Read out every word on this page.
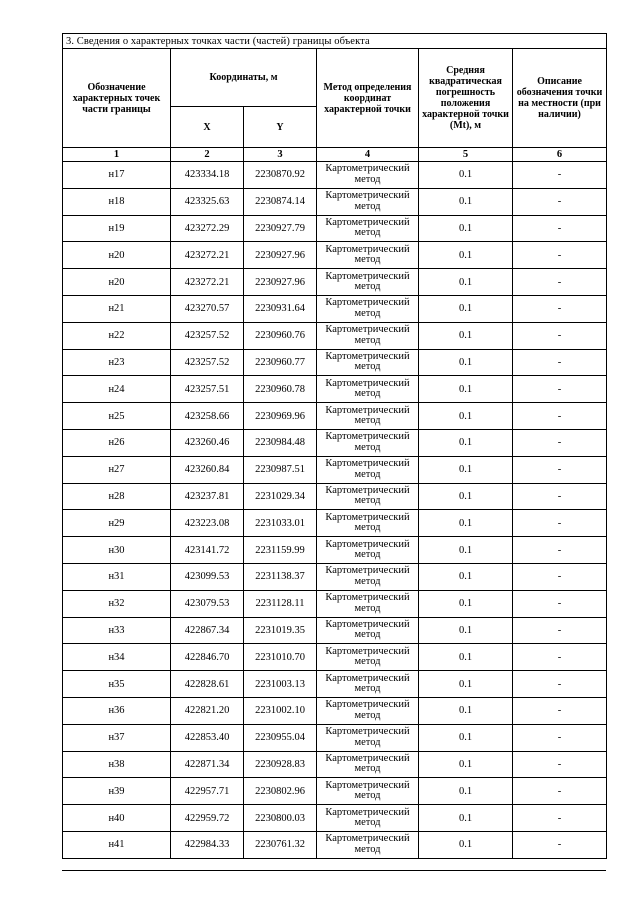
3. Сведения о характерных точках части (частей) границы объекта					
Обозначение характерных точек части границы	Координаты, м		Метод определения координат характерной точки	Средняя квадратическая погрешность положения характерной точки (Mt), м	Описание обозначения точки на местности (при наличии)
	X	Y			
1	2	3	4	5	6
н17	423334.18	2230870.92	Картометрический метод	0.1	-
н18	423325.63	2230874.14	Картометрический метод	0.1	-
н19	423272.29	2230927.79	Картометрический метод	0.1	-
н20	423272.21	2230927.96	Картометрический метод	0.1	-
н20	423272.21	2230927.96	Картометрический метод	0.1	-
н21	423270.57	2230931.64	Картометрический метод	0.1	-
н22	423257.52	2230960.76	Картометрический метод	0.1	-
н23	423257.52	2230960.77	Картометрический метод	0.1	-
н24	423257.51	2230960.78	Картометрический метод	0.1	-
н25	423258.66	2230969.96	Картометрический метод	0.1	-
н26	423260.46	2230984.48	Картометрический метод	0.1	-
н27	423260.84	2230987.51	Картометрический метод	0.1	-
н28	423237.81	2231029.34	Картометрический метод	0.1	-
н29	423223.08	2231033.01	Картометрический метод	0.1	-
н30	423141.72	2231159.99	Картометрический метод	0.1	-
н31	423099.53	2231138.37	Картометрический метод	0.1	-
н32	423079.53	2231128.11	Картометрический метод	0.1	-
н33	422867.34	2231019.35	Картометрический метод	0.1	-
н34	422846.70	2231010.70	Картометрический метод	0.1	-
н35	422828.61	2231003.13	Картометрический метод	0.1	-
н36	422821.20	2231002.10	Картометрический метод	0.1	-
н37	422853.40	2230955.04	Картометрический метод	0.1	-
н38	422871.34	2230928.83	Картометрический метод	0.1	-
н39	422957.71	2230802.96	Картометрический метод	0.1	-
н40	422959.72	2230800.03	Картометрический метод	0.1	-
н41	422984.33	2230761.32	Картометрический метод	0.1	-
